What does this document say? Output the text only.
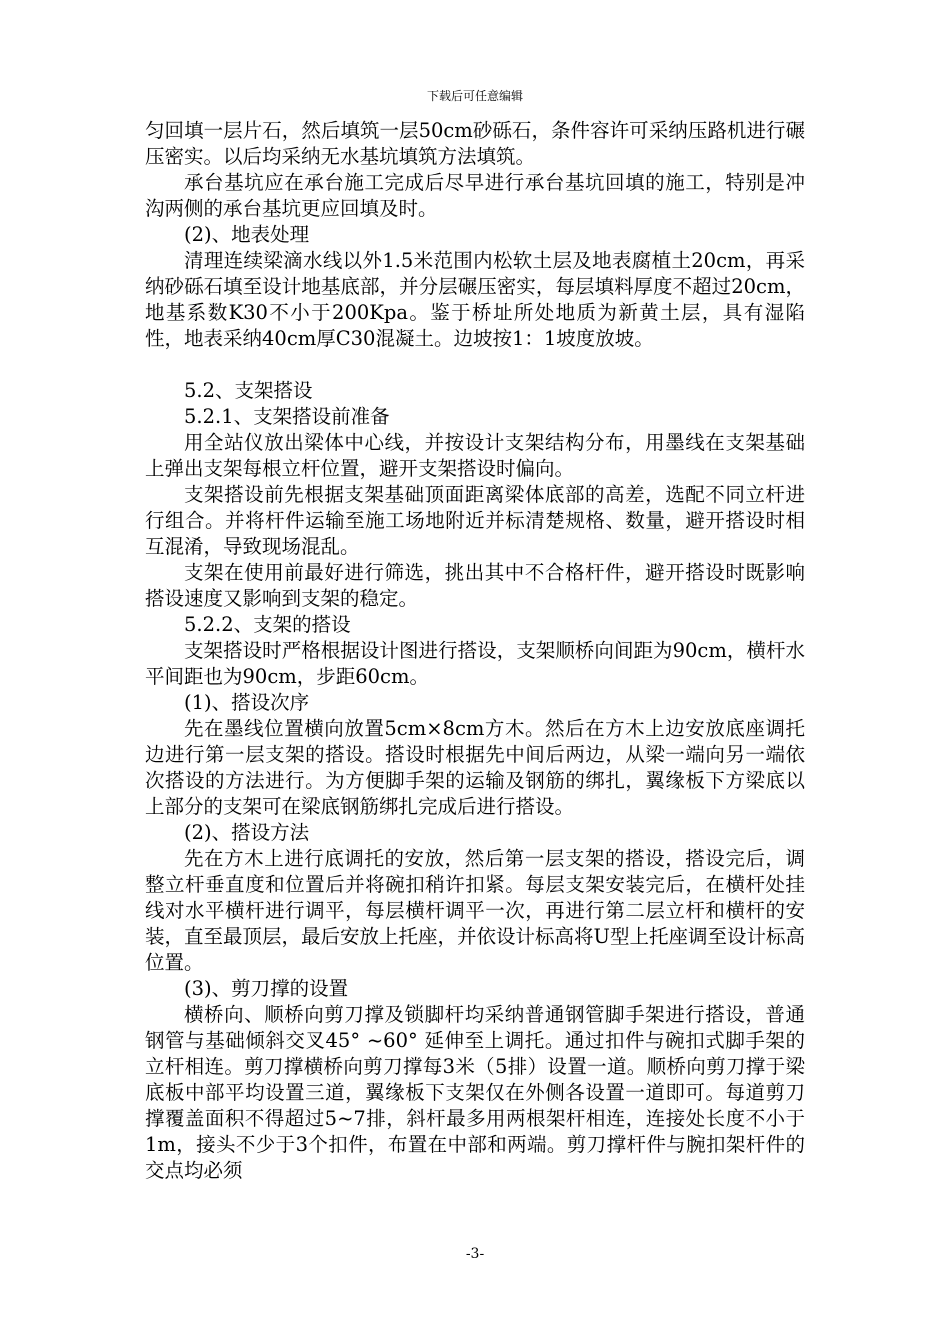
下载后可任意编辑

匀回填一层片石，然后填筑一层50cm砂砾石，条件容许可采纳压路机进行碾压密实。以后均采纳无水基坑填筑方法填筑。

承台基坑应在承台施工完成后尽早进行承台基坑回填的施工，特别是冲沟两侧的承台基坑更应回填及时。

(2)、地表处理

清理连续梁滴水线以外1.5米范围内松软土层及地表腐植土20cm，再采纳砂砾石填至设计地基底部，并分层碾压密实，每层填料厚度不超过20cm，地基系数K30不小于200Kpa。鉴于桥址所处地质为新黄土层，具有湿陷性，地表采纳40cm厚C30混凝土。边坡按1：1坡度放坡。

5.2、支架搭设

5.2.1、支架搭设前准备

用全站仪放出梁体中心线，并按设计支架结构分布，用墨线在支架基础上弹出支架每根立杆位置，避开支架搭设时偏向。

支架搭设前先根据支架基础顶面距离梁体底部的高差，选配不同立杆进行组合。并将杆件运输至施工场地附近并标清楚规格、数量，避开搭设时相互混淆，导致现场混乱。

支架在使用前最好进行筛选，挑出其中不合格杆件，避开搭设时既影响搭设速度又影响到支架的稳定。

5.2.2、支架的搭设

支架搭设时严格根据设计图进行搭设，支架顺桥向间距为90cm，横杆水平间距也为90cm，步距60cm。

(1)、搭设次序

先在墨线位置横向放置5cm×8cm方木。然后在方木上边安放底座调托边进行第一层支架的搭设。搭设时根据先中间后两边，从梁一端向另一端依次搭设的方法进行。为方便脚手架的运输及钢筋的绑扎，翼缘板下方梁底以上部分的支架可在梁底钢筋绑扎完成后进行搭设。

(2)、搭设方法

先在方木上进行底调托的安放，然后第一层支架的搭设，搭设完后，调整立杆垂直度和位置后并将碗扣稍许扣紧。每层支架安装完后，在横杆处挂线对水平横杆进行调平，每层横杆调平一次，再进行第二层立杆和横杆的安装，直至最顶层，最后安放上托座，并依设计标高将U型上托座调至设计标高位置。

(3)、剪刀撑的设置

横桥向、顺桥向剪刀撑及锁脚杆均采纳普通钢管脚手架进行搭设，普通钢管与基础倾斜交叉45° ~60° 延伸至上调托。通过扣件与碗扣式脚手架的立杆相连。剪刀撑横桥向剪刀撑每3米（5排）设置一道。顺桥向剪刀撑于梁底板中部平均设置三道，翼缘板下支架仅在外侧各设置一道即可。每道剪刀撑覆盖面积不得超过5~7排，斜杆最多用两根架杆相连，连接处长度不小于1m，接头不少于3个扣件，布置在中部和两端。剪刀撑杆件与腕扣架杆件的交点均必须

-3-
